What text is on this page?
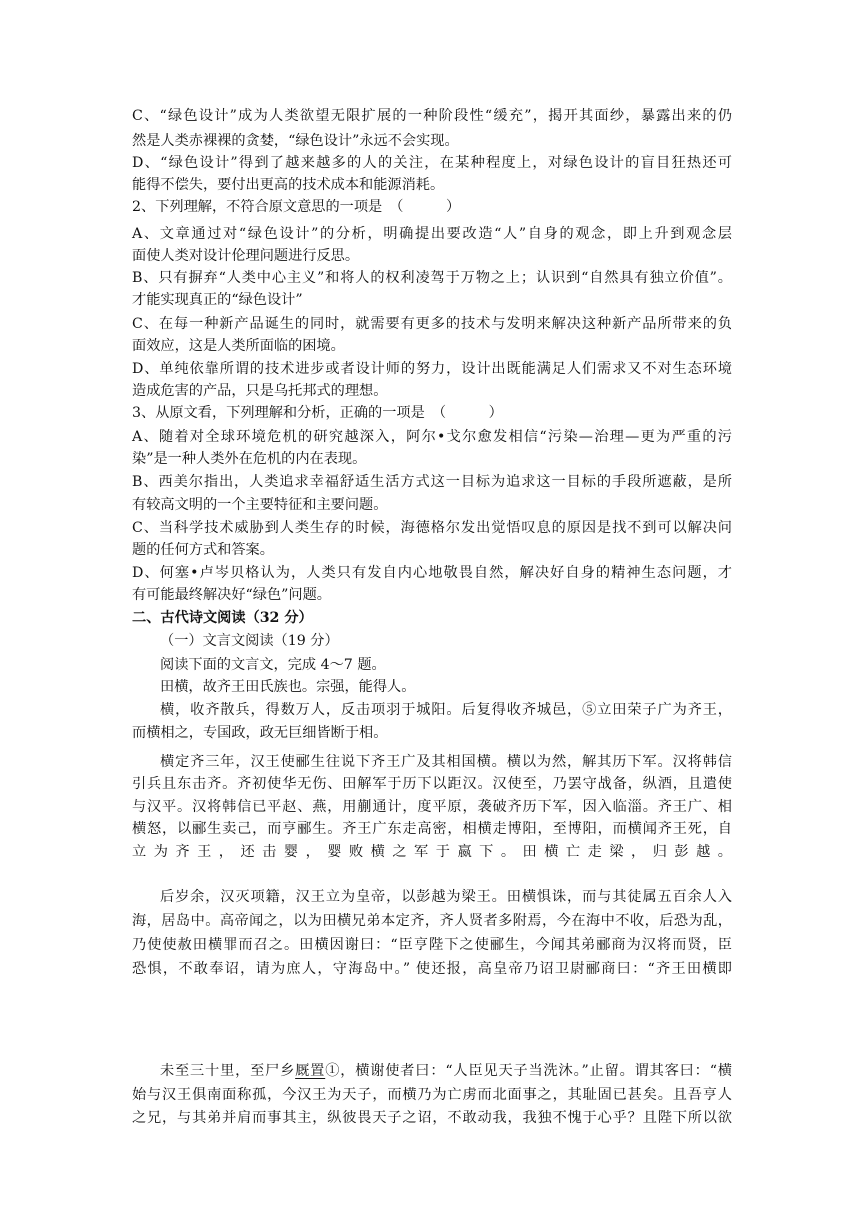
C、“绿色设计”成为人类欲望无限扩展的一种阶段性“缓充”，揭开其面纱，暴露出来的仍
然是人类赤裸裸的贪婪，“绿色设计”永远不会实现。
D、“绿色设计”得到了越来越多的人的关注，在某种程度上，对绿色设计的盲目狂热还可
能得不偿失，要付出更高的技术成本和能源消耗。
2、下列理解，不符合原文意思的一项是　（　　　）
A、文章通过对“绿色设计”的分析，明确提出要改造“人”自身的观念，即上升到观念层
面使人类对设计伦理问题进行反思。
B、只有摒弃“人类中心主义”和将人的权利凌驾于万物之上；认识到“自然具有独立价值”。
才能实现真正的“绿色设计”
C、在每一种新产品诞生的同时，就需要有更多的技术与发明来解决这种新产品所带来的负
面效应，这是人类所面临的困境。
D、单纯依靠所谓的技术进步或者设计师的努力，设计出既能满足人们需求又不对生态环境
造成危害的产品，只是乌托邦式的理想。
3、从原文看，下列理解和分析，正确的一项是　（　　　）
A、随着对全球环境危机的研究越深入，阿尔•戈尔愈发相信“污染—治理—更为严重的污
染”是一种人类外在危机的内在表现。
B、西美尔指出，人类追求幸福舒适生活方式这一目标为追求这一目标的手段所遮蔽，是所
有较高文明的一个主要特征和主要问题。
C、当科学技术威胁到人类生存的时候，海德格尔发出觉悟叹息的原因是找不到可以解决问
题的任何方式和答案。
D、何塞•卢岑贝格认为，人类只有发自内心地敬畏自然，解决好自身的精神生态问题，才
有可能最终解决好“绿色”问题。
二、古代诗文阅读（32 分）
（一）文言文阅读（19 分）
阅读下面的文言文，完成 4～7 题。
田横，故齐王田氏族也。宗强，能得人。
横，收齐散兵，得数万人，反击项羽于城阳。后复得收齐城邑，⑤立田荣子广为齐王，
而横相之，专国政，政无巨细皆断于相。
横定齐三年，汉王使郦生往说下齐王广及其相国横。横以为然，解其历下军。汉将韩信
引兵且东击齐。齐初使华无伤、田解军于历下以距汉。汉使至，乃罢守战备，纵酒，且遣使
与汉平。汉将韩信已平赵、燕，用蒯通计，度平原，袭破齐历下军，因入临淄。齐王广、相
横怒，以郦生卖己，而亨郦生。齐王广东走高密，相横走博阳，至博阳，而横闻齐王死，自
立为齐王，还击婴，婴败横之军于嬴下。田横亡走梁，归彭越。
后岁余，汉灭项籍，汉王立为皇帝，以彭越为梁王。田横惧诛，而与其徒属五百余人入
海，居岛中。高帝闻之，以为田横兄弟本定齐，齐人贤者多附焉，今在海中不收，后恐为乱，
乃使使赦田横罪而召之。田横因谢曰：“臣亨陛下之使郦生，今闻其弟郦商为汉将而贤，臣
恐惧，不敢奉诏，请为庶人，守海岛中。” 使还报，高皇帝乃诏卫尉郦商曰：“齐王田横即
未至三十里，至尸乡厩置①，横谢使者曰：“人臣见天子当洗沐。”止留。谓其客曰：“横
始与汉王俱南面称孤，今汉王为天子，而横乃为亡虏而北面事之，其耻固已甚矣。且吾亨人
之兄，与其弟并肩而事其主，纵彼畏天子之诏，不敢动我，我独不愧于心乎？且陛下所以欲
